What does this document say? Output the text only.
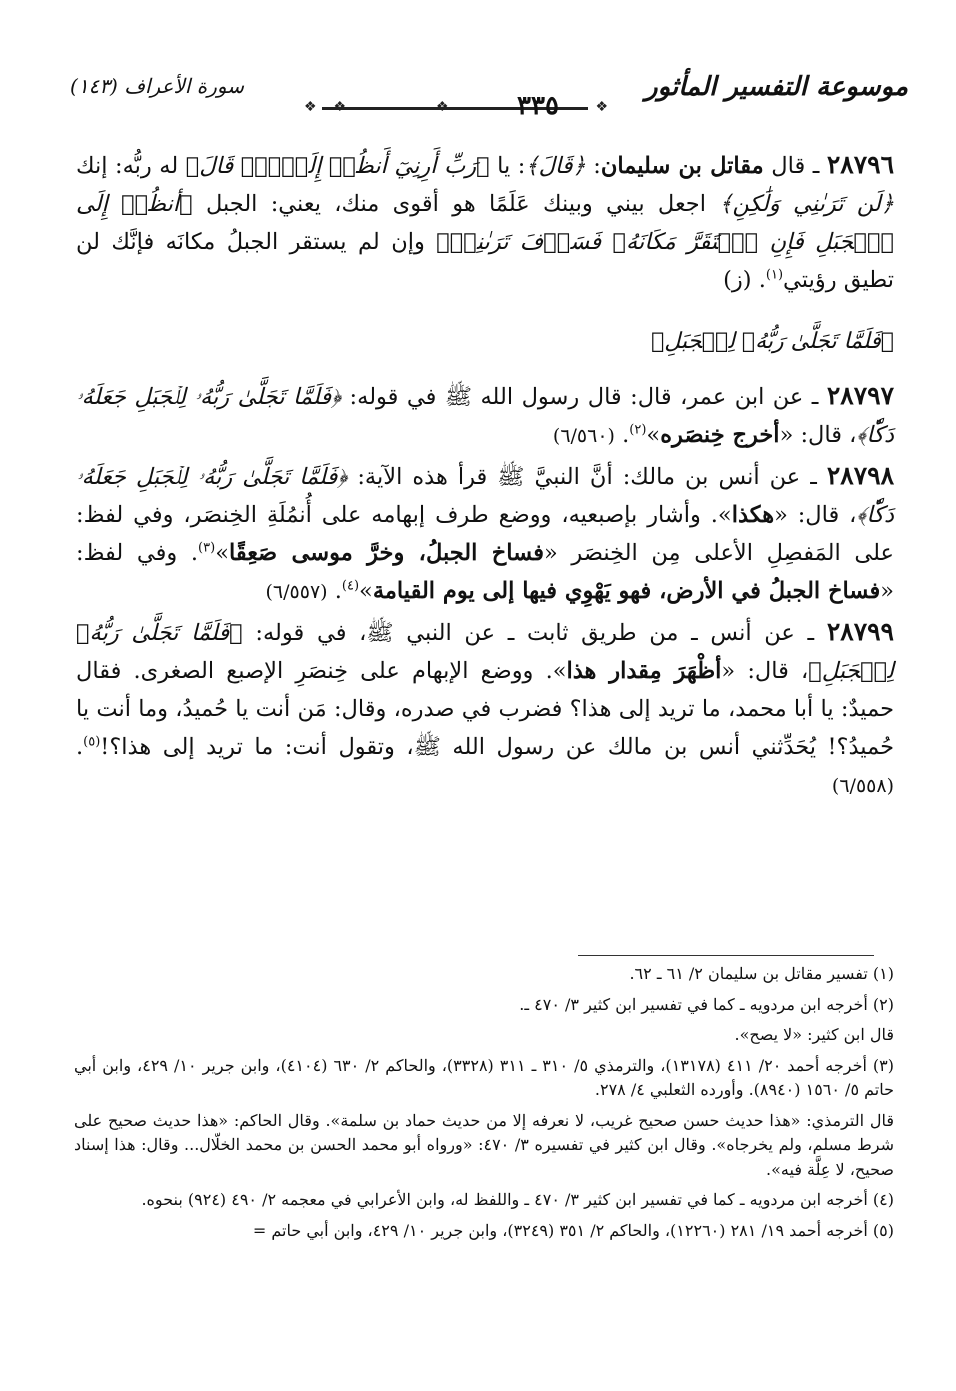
موسوعة التفسير المأثور
❖
٣٣٥
❖
❖
سورة الأعراف (١٤٣)

٢٨٧٩٦ ـ قال مقاتل بن سليمان: ﴿قَالَ﴾: يا ﴿رَبِّ أَرِنِيٓ أَنظُرۡ إِلَيۡكَۚ قَالَ﴾ له ربُّه: إنك ﴿لَن تَرَىٰنِي وَلَٰكِنِ﴾ اجعل بيني وبينك عَلَمًا هو أقوى منك، يعني: الجبل ﴿أنظُرۡ إِلَى ٱلۡجَبَلِ فَإِنِ ٱسۡتَقَرَّ مَكَانَهُۥ فَسَوۡفَ تَرَىٰنِيۚ﴾ وإن لم يستقر الجبلُ مكانَه فإنَّك لن تطيق رؤيتي$^{(١)}$. (ز)

﴿فَلَمَّا تَجَلَّىٰ رَبُّهُۥ لِلۡجَبَلِ﴾

٢٨٧٩٧ ـ عن ابن عمر، قال: قال رسول الله ﷺ في قوله: ﴿فَلَمَّا تَجَلَّىٰ رَبُّهُۥ لِلۡجَبَلِ جَعَلَهُۥ دَكّٗا﴾، قال: «أخرج خِنصَره»$^{(٢)}$. (٦/٥٦٠)

٢٨٧٩٨ ـ عن أنس بن مالك: أنَّ النبيَّ ﷺ قرأ هذه الآية: ﴿فَلَمَّا تَجَلَّىٰ رَبُّهُۥ لِلۡجَبَلِ جَعَلَهُۥ دَكّٗا﴾، قال: «هكذا». وأشار بإصبعيه، ووضع طرف إبهامه على أُنمُلَةِ الخِنصَر، وفي لفظ: على المَفصِلِ الأعلى مِن الخِنصَر «فساخ الجبلُ، وخرَّ موسى صَعِقًا»$^{(٣)}$. وفي لفظ: «فساخ الجبلُ في الأرض، فهو يَهْوِي فيها إلى يوم القيامة»$^{(٤)}$. (٦/٥٥٧)

٢٨٧٩٩ ـ عن أنس ـ من طريق ثابت ـ عن النبي ﷺ، في قوله: ﴿فَلَمَّا تَجَلَّىٰ رَبُّهُۥ لِلۡجَبَلِ﴾، قال: «أظْهَرَ مِقدار هذا». ووضع الإبهام على خِنصَرِ الإصبع الصغرى. فقال حميدٌ: يا أبا محمد، ما تريد إلى هذا؟ فضرب في صدره، وقال: مَن أنت يا حُميدُ، وما أنت يا حُميدُ؟! يُحَدِّثني أنس بن مالك عن رسول الله ﷺ، وتقول أنت: ما تريد إلى هذا؟!$^{(٥)}$. (٦/٥٥٨)

(١) تفسير مقاتل بن سليمان ٢/ ٦١ ـ ٦٢.

(٢) أخرجه ابن مردويه ـ كما في تفسير ابن كثير ٣/ ٤٧٠ ـ.

قال ابن كثير: «لا يصح».

(٣) أخرجه أحمد ٢٠/ ٤١١ (١٣١٧٨)، والترمذي ٥/ ٣١٠ ـ ٣١١ (٣٣٢٨)، والحاكم ٢/ ٦٣٠ (٤١٠٤)، وابن جرير ١٠/ ٤٢٩، وابن أبي حاتم ٥/ ١٥٦٠ (٨٩٤٠). وأورده الثعلبي ٤/ ٢٧٨.

قال الترمذي: «هذا حديث حسن صحيح غريب، لا نعرفه إلا من حديث حماد بن سلمة». وقال الحاكم: «هذا حديث صحيح على شرط مسلم، ولم يخرجاه». وقال ابن كثير في تفسيره ٣/ ٤٧٠: «ورواه أبو محمد الحسن بن محمد الخلّال... وقال: هذا إسناد صحيح، لا عِلَّة فيه».

(٤) أخرجه ابن مردويه ـ كما في تفسير ابن كثير ٣/ ٤٧٠ ـ واللفظ له، وابن الأعرابي في معجمه ٢/ ٤٩٠ (٩٢٤) بنحوه.

(٥) أخرجه أحمد ١٩/ ٢٨١ (١٢٢٦٠)، والحاكم ٢/ ٣٥١ (٣٢٤٩)، وابن جرير ١٠/ ٤٢٩، وابن أبي حاتم =
